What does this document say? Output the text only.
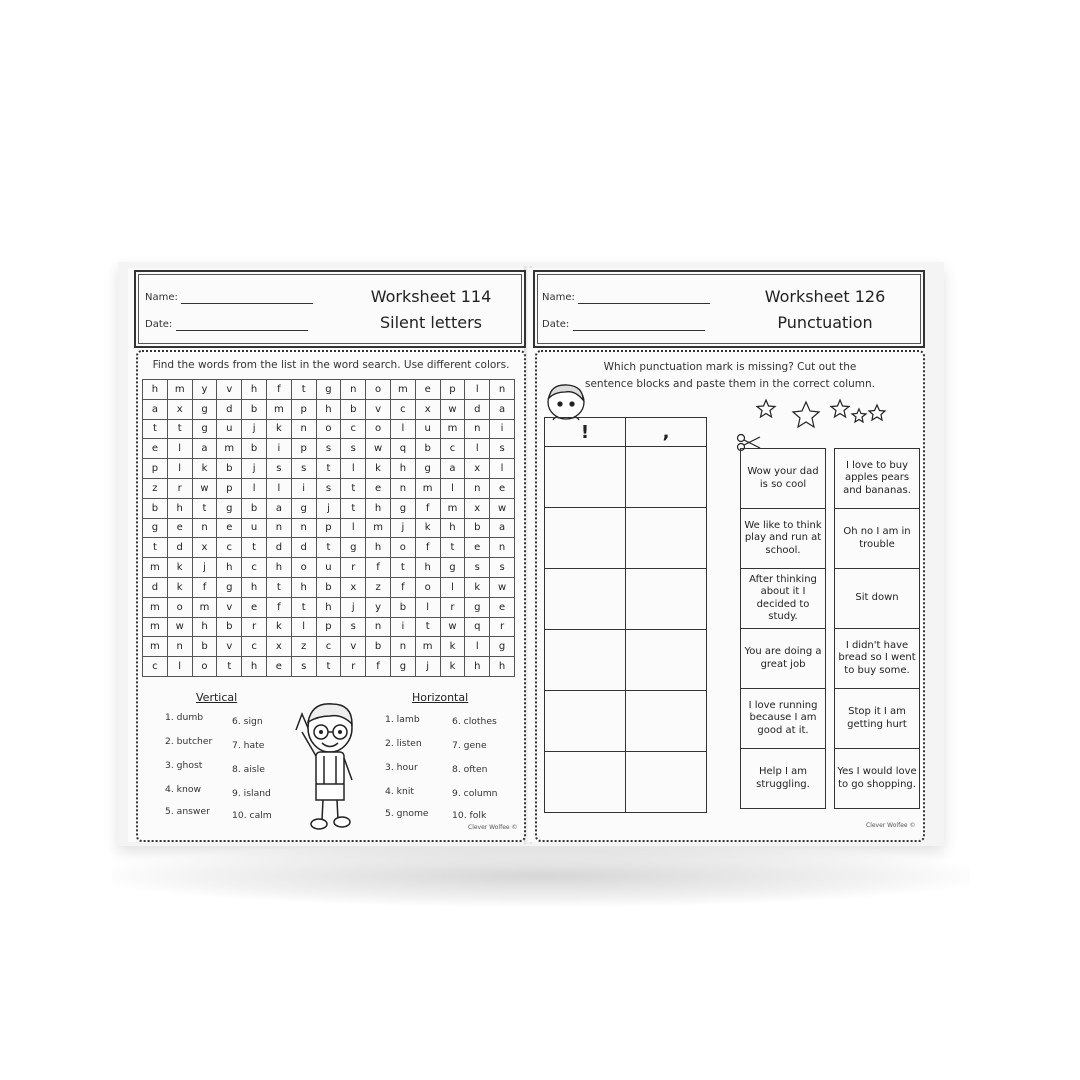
Name:
Date:
Worksheet 114
Silent letters
Find the words from the list in the word search. Use different colors.
h	m	y	v	h	f	t	g	n	o	m	e	p	l	n
a	x	g	d	b	m	p	h	b	v	c	x	w	d	a
t	t	g	u	j	k	n	o	c	o	l	u	m	n	i
e	l	a	m	b	i	p	s	s	w	q	b	c	l	s
p	l	k	b	j	s	s	t	l	k	h	g	a	x	l
z	r	w	p	l	l	i	s	t	e	n	m	l	n	e
b	h	t	g	b	a	g	j	t	h	g	f	m	x	w
g	e	n	e	u	n	n	p	l	m	j	k	h	b	a
t	d	x	c	t	d	d	t	g	h	o	f	t	e	n
m	k	j	h	c	h	o	u	r	f	t	h	g	s	s
d	k	f	g	h	t	h	b	x	z	f	o	l	k	w
m	o	m	v	e	f	t	h	j	y	b	l	r	g	e
m	w	h	b	r	k	l	p	s	n	i	t	w	q	r
m	n	b	v	c	x	z	c	v	b	n	m	k	l	g
c	l	o	t	h	e	s	t	r	f	g	j	k	h	h
Vertical	Horizontal
1. dumb
2. butcher
3. ghost
4. know
5. answer
6. sign
7. hate
8. aisle
9. island
10. calm
1. lamb
2. listen
3. hour
4. knit
5. gnome
6. clothes
7. gene
8. often
9. column
10. folk
Clever Wolfee ©
Name:
Date:
Worksheet 126
Punctuation
Which punctuation mark is missing? Cut out the
sentence blocks and paste them in the correct column.
!	,

Wow your dad is so cool		I love to buy apples pears and bananas.
We like to think play and run at school.		Oh no I am in trouble
After thinking about it I decided to study.		Sit down
You are doing a great job		I didn't have bread so I went to buy some.
I love running because I am good at it.		Stop it I am getting hurt
Help I am struggling.		Yes I would love to go shopping.
Clever Wolfee ©
